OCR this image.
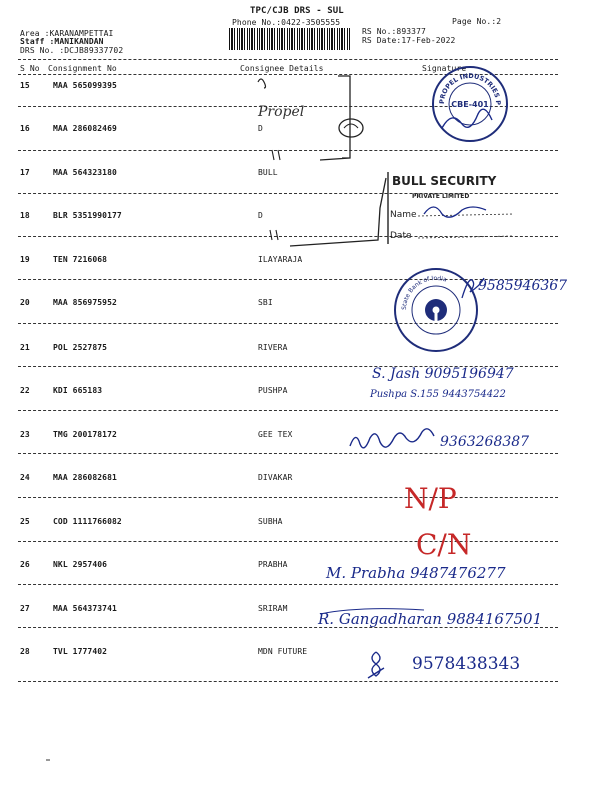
TPC/CJB DRS - SUL
Phone No.:0422-3505555	Page No.:2
Area :KARANAMPETTAI
Staff :MANIKANDAN
DRS No. :DCJB89337702
RS No.:893377
RS Date:17-Feb-2022
S No Consignment No	Consignee Details	Signature
15	MAA 565099395
16	MAA 286082469	D
17	MAA 564323180	BULL
18	BLR 5351990177	D
19	TEN 7216068	ILAYARAJA
20	MAA 856975952	SBI
21	POL 2527875	RIVERA
22	KDI 665183	PUSHPA
23	TMG 200178172	GEE TEX
24	MAA 286082681	DIVAKAR
25	COD 1111766082	SUBHA
26	NKL 2957406	PRABHA
27	MAA 564373741	SRIRAM
28	TVL 1777402	MDN FUTURE
Propel
PROPEL INDUSTRIES P
CBE-401
BULL SECURITY
PRIVATE LIMITED
Name
Date
State Bank of India 9585946367
S. Jash 9095196947
Pushpa S.155 9443754422
9363268387
N/P
C/N
M. Prabha 9487476277
R. Gangadharan 9884167501
9578438343
